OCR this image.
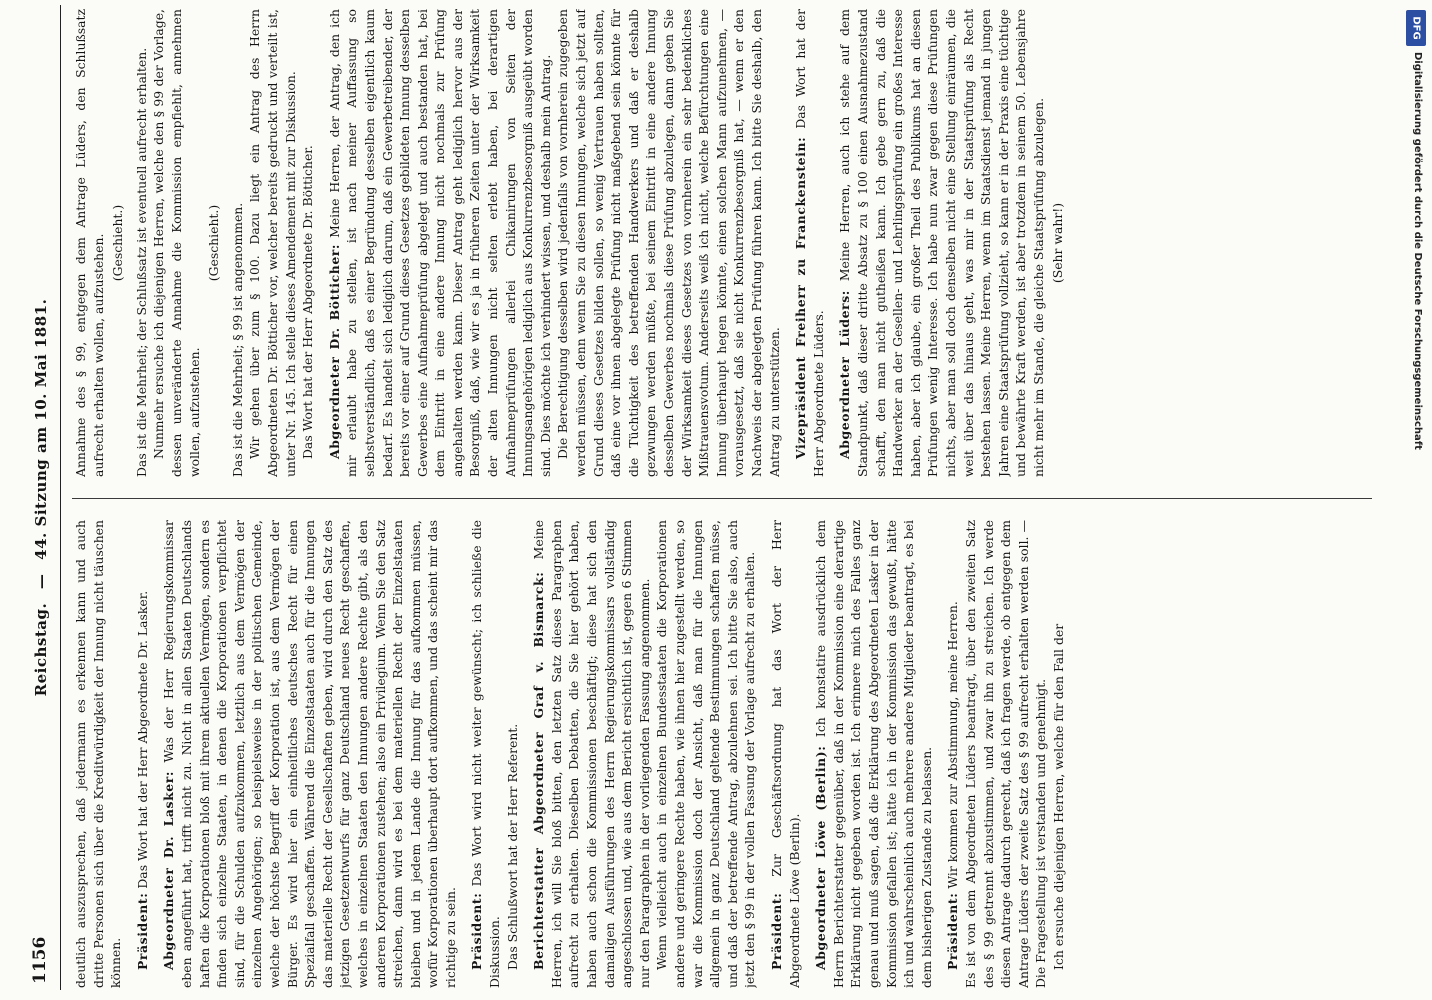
1156
Reichstag. — 44. Sitzung am 10. Mai 1881.

deutlich auszusprechen, daß jedermann es erkennen kann und auch dritte Personen sich über die Kreditwürdigkeit der Innung nicht täuschen können. Präsident: Das Wort hat der Herr Abgeordnete Dr. Lasker. Abgeordneter Dr. Lasker: Was der Herr Regierungskommissar eben angeführt hat, trifft nicht zu. Nicht in allen Staaten Deutschlands haften die Korporationen bloß mit ihrem aktuellen Vermögen, sondern es finden sich einzelne Staaten, in denen die Korporationen verpflichtet sind, für die Schulden aufzukommen, letztlich aus dem Vermögen der einzelnen Angehörigen; so beispielsweise in der politischen Gemeinde, welche der höchste Begriff der Korporation ist, aus dem Vermögen der Bürger. Es wird hier ein einheitliches deutsches Recht für einen Spezialfall geschaffen. Während die Einzelstaaten auch für die Innungen das materielle Recht der Gesellschaften geben, wird durch den Satz des jetzigen Gesetzentwurfs für ganz Deutschland neues Recht geschaffen, welches in einzelnen Staaten den Innungen andere Rechte gibt, als den anderen Korporationen zustehen; also ein Privilegium. Wenn Sie den Satz streichen, dann wird es bei dem materiellen Recht der Einzelstaaten bleiben und in jedem Lande die Innung für das aufkommen müssen, wofür Korporationen überhaupt dort aufkommen, und das scheint mir das richtige zu sein. Präsident: Das Wort wird nicht weiter gewünscht; ich schließe die Diskussion. Das Schlußwort hat der Herr Referent. Berichterstatter Abgeordneter Graf v. Bismarck: Meine Herren, ich will Sie bloß bitten, den letzten Satz dieses Paragraphen aufrecht zu erhalten. Dieselben Debatten, die Sie hier gehört haben, haben auch schon die Kommissionen beschäftigt; diese hat sich den damaligen Ausführungen des Herrn Regierungskommissars vollständig angeschlossen und, wie aus dem Bericht ersichtlich ist, gegen 6 Stimmen nur den Paragraphen in der vorliegenden Fassung angenommen. Wenn vielleicht auch in einzelnen Bundesstaaten die Korporationen andere und geringere Rechte haben, wie ihnen hier zugestellt werden, so war die Kommission doch der Ansicht, daß man für die Innungen allgemein in ganz Deutschland geltende Bestimmungen schaffen müsse, und daß der betreffende Antrag, abzulehnen sei. Ich bitte Sie also, auch jetzt den § 99 in der vollen Fassung der Vorlage aufrecht zu erhalten. Präsident: Zur Geschäftsordnung hat das Wort der Herr Abgeordnete Löwe (Berlin). Abgeordneter Löwe (Berlin): Ich konstatire ausdrücklich dem Herrn Berichterstatter gegenüber, daß in der Kommission eine derartige Erklärung nicht gegeben worden ist. Ich erinnere mich des Falles ganz genau und muß sagen, daß die Erklärung des Abgeordneten Lasker in der Kommission gefallen ist; hätte ich in der Kommission das gewußt, hätte ich und wahrscheinlich auch mehrere andere Mitglieder beantragt, es bei dem bisherigen Zustande zu belassen. Präsident: Wir kommen zur Abstimmung, meine Herren. Es ist von dem Abgeordneten Lüders beantragt, über den zweiten Satz des § 99 getrennt abzustimmen, und zwar ihn zu streichen. Ich werde diesen Antrage dadurch gerecht, daß ich fragen werde, ob entgegen dem Antrage Lüders der zweite Satz des § 99 aufrecht erhalten werden soll. — Die Fragestellung ist verstanden und genehmigt. Ich ersuche diejenigen Herren, welche für den Fall der

Annahme des § 99, entgegen dem Antrage Lüders, den Schlußsatz aufrecht erhalten wollen, aufzustehen. (Geschieht.) Das ist die Mehrheit; der Schlußsatz ist eventuell aufrecht erhalten. Nunmehr ersuche ich diejenigen Herren, welche den § 99 der Vorlage, dessen unveränderte Annahme die Kommission empfiehlt, annehmen wollen, aufzustehen.

(Geschieht.) Das ist die Mehrheit; § 99 ist angenommen. Wir gehen über zum § 100. Dazu liegt ein Antrag des Herrn Abgeordneten Dr. Bötticher vor, welcher bereits gedruckt und verteilt ist, unter Nr. 145. Ich stelle dieses Amendement mit zur Diskussion. Das Wort hat der Herr Abgeordnete Dr. Bötticher. Abgeordneter Dr. Bötticher: Meine Herren, der Antrag, den ich mir erlaubt habe zu stellen, ist nach meiner Auffassung so selbstverständlich, daß es einer Begründung desselben eigentlich kaum bedarf. Es handelt sich lediglich darum, daß ein Gewerbetreibender, der bereits vor einer auf Grund dieses Gesetzes gebildeten Innung desselben Gewerbes eine Aufnahmeprüfung abgelegt und auch bestanden hat, bei dem Eintritt in eine andere Innung nicht nochmals zur Prüfung angehalten werden kann. Dieser Antrag geht lediglich hervor aus der Besorgniß, daß, wie wir es ja in früheren Zeiten unter der Wirksamkeit der alten Innungen nicht selten erlebt haben, bei derartigen Aufnahmeprüfungen allerlei Chikanirungen von Seiten der Innungsangehörigen lediglich aus Konkurrenzbesorgniß ausgeübt worden sind. Dies möchte ich verhindert wissen, und deshalb mein Antrag. Die Berechtigung desselben wird jedenfalls von vornherein zugegeben werden müssen, denn wenn Sie zu diesen Innungen, welche sich jetzt auf Grund dieses Gesetzes bilden sollen, so wenig Vertrauen haben sollten, daß eine vor ihnen abgelegte Prüfung nicht maßgebend sein könnte für die Tüchtigkeit des betreffenden Handwerkers und daß er deshalb gezwungen werden müßte, bei seinem Eintritt in eine andere Innung desselben Gewerbes nochmals diese Prüfung abzulegen, dann geben Sie der Wirksamkeit dieses Gesetzes von vornherein ein sehr bedenkliches Mißtrauensvotum. Anderseits weiß ich nicht, welche Befürchtungen eine Innung überhaupt hegen könnte, einen solchen Mann aufzunehmen, — vorausgesetzt, daß sie nicht Konkurrenzbesorgniß hat, — wenn er den Nachweis der abgelegten Prüfung führen kann. Ich bitte Sie deshalb, den Antrag zu unterstützen. Vizepräsident Freiherr zu Franckenstein: Das Wort hat der Herr Abgeordnete Lüders. Abgeordneter Lüders: Meine Herren, auch ich stehe auf dem Standpunkt, daß dieser dritte Absatz zu § 100 einen Ausnahmezustand schafft, den man nicht gutheißen kann. Ich gebe gern zu, daß die Handwerker an der Gesellen- und Lehrlingsprüfung ein großes Interesse haben, aber ich glaube, ein großer Theil des Publikums hat an diesen Prüfungen wenig Interesse. Ich habe nun zwar gegen diese Prüfungen nichts, aber man soll doch denselben nicht eine Stellung einräumen, die weit über das hinaus geht, was mir in der Staatsprüfung als Recht bestehen lassen. Meine Herren, wenn im Staatsdienst jemand in jungen Jahren eine Staatsprüfung vollzieht, so kann er in der Praxis eine tüchtige und bewährte Kraft werden, ist aber trotzdem in seinem 50. Lebensjahre nicht mehr im Stande, die gleiche Staatsprüfung abzulegen. (Sehr wahr!)

DFG
Digitalisierung gefördert durch die Deutsche Forschungsgemeinschaft
